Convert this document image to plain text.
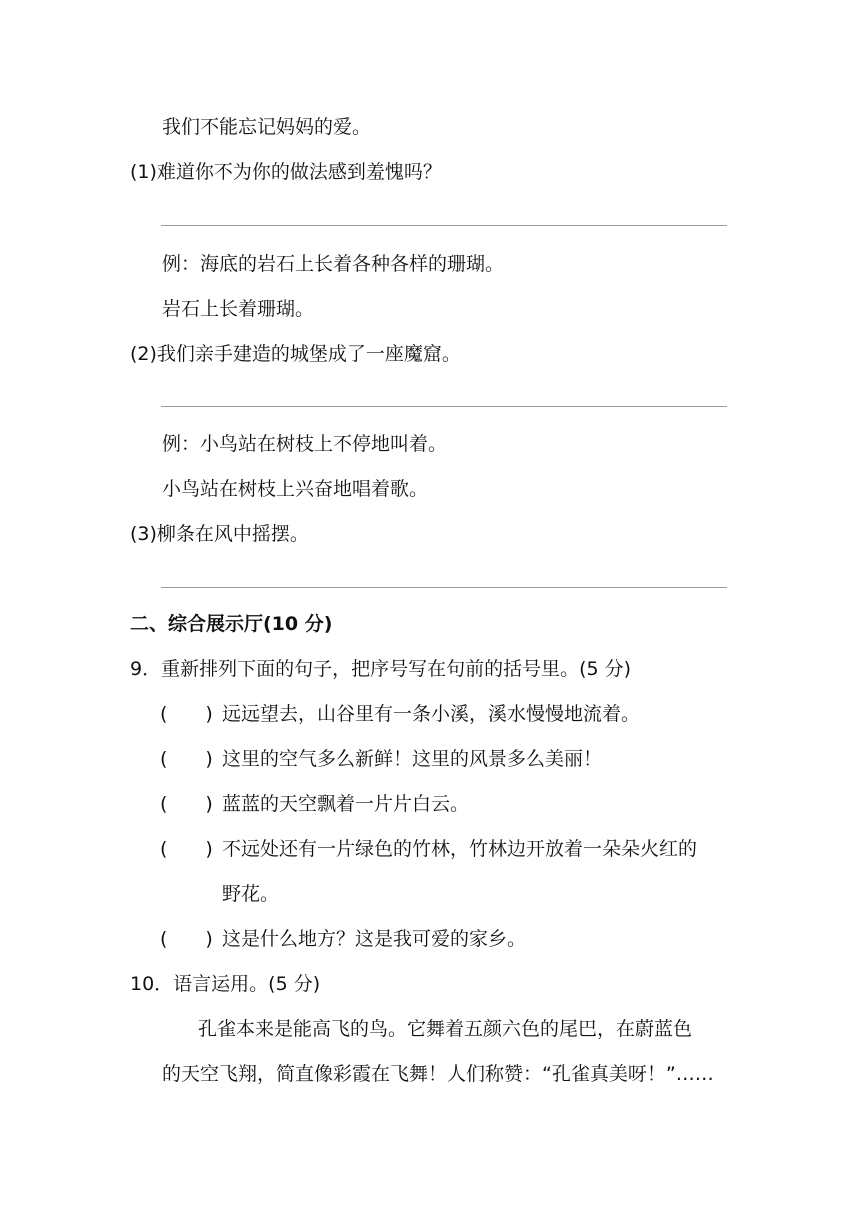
我们不能忘记妈妈的爱。
(1)难道你不为你的做法感到羞愧吗？
例：海底的岩石上长着各种各样的珊瑚。
岩石上长着珊瑚。
(2)我们亲手建造的城堡成了一座魔窟。
例：小鸟站在树枝上不停地叫着。
小鸟站在树枝上兴奋地唱着歌。
(3)柳条在风中摇摆。
二、综合展示厅(10 分)
9．重新排列下面的句子，把序号写在句前的括号里。(5 分)
(　　) 远远望去，山谷里有一条小溪，溪水慢慢地流着。
(　　) 这里的空气多么新鲜！这里的风景多么美丽！
(　　) 蓝蓝的天空飘着一片片白云。
(　　) 不远处还有一片绿色的竹林，竹林边开放着一朵朵火红的
野花。
(　　) 这是什么地方？这是我可爱的家乡。
10．语言运用。(5 分)
孔雀本来是能高飞的鸟。它舞着五颜六色的尾巴，在蔚蓝色
的天空飞翔，简直像彩霞在飞舞！人们称赞：“孔雀真美呀！”……
